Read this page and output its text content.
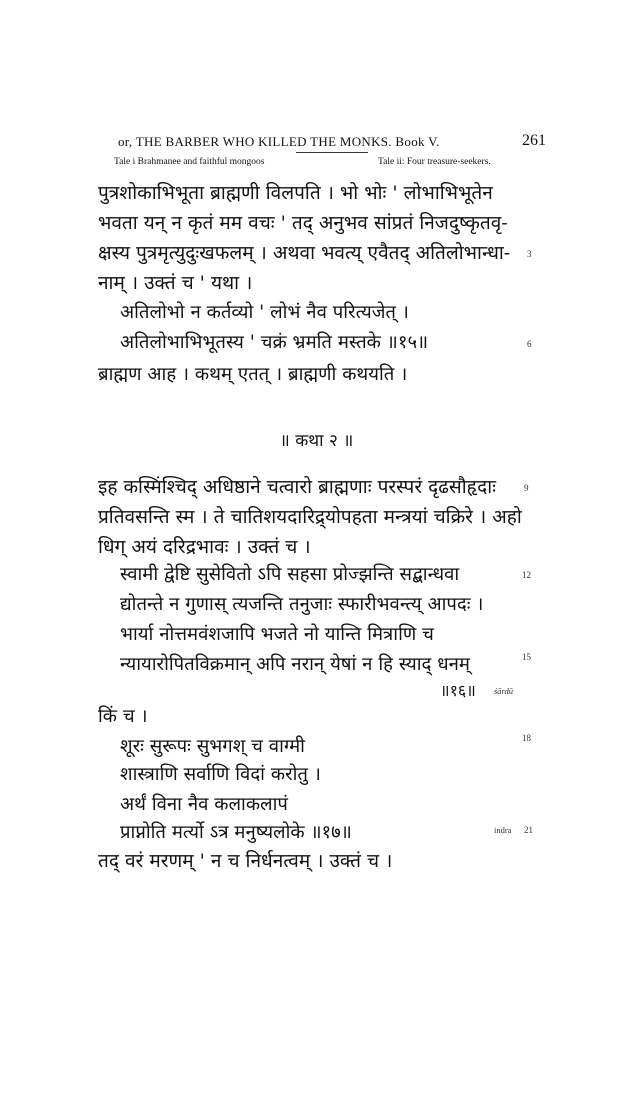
or, THE BARBER WHO KILLED THE MONKS. Book V.	261
Tale i Brahmanee and faithful mongoos	Tale ii: Four treasure-seekers.
पुत्रशोकाभिभूता ब्राह्मणी विलपति । भो भोः ' लोभाभिभूतेन
भवता यन् न कृतं मम वचः ' तद् अनुभव सांप्रतं निजदुष्कृतवृ-
क्षस्य पुत्रमृत्युदुःखफलम् । अथवा भवत्य् एवैतद् अतिलोभान्धा-
नाम् । उक्तं च ' यथा ।
3
अतिलोभो न कर्तव्यो ' लोभं नैव परित्यजेत् ।
अतिलोभाभिभूतस्य ' चक्रं भ्रमति मस्तके ॥१५॥	6
ब्राह्मण आह । कथम् एतत् । ब्राह्मणी कथयति ।
॥ कथा २ ॥
इह कस्मिंश्चिद् अधिष्ठाने चत्वारो ब्राह्मणाः परस्परं दृढसौहृदाः
प्रतिवसन्ति स्म । ते चातिशयदारिद्र्योपहता मन्त्रयां चक्रिरे । अहो
धिग् अयं दरिद्रभावः । उक्तं च ।
9
स्वामी द्वेष्टि सुसेवितो ऽपि सहसा प्रोज्झन्ति सद्बान्धवा
द्योतन्ते न गुणास् त्यजन्ति तनुजाः स्फारीभवन्त्य् आपदः ।
भार्या नोत्तमवंशजापि भजते नो यान्ति मित्राणि च
न्यायारोपितविक्रमान् अपि नरान् येषां न हि स्याद् धनम्
॥१६॥
12
15
śārdū
किं च ।
शूरः सुरूपः सुभगश् च वाग्मी
शास्त्राणि सर्वाणि विदां करोतु ।
अर्थं विना नैव कलाकलापं
प्राप्नोति मर्त्यो ऽत्र मनुष्यलोके ॥१७॥
18
indra 21
तद् वरं मरणम् ' न च निर्धनत्वम् । उक्तं च ।
